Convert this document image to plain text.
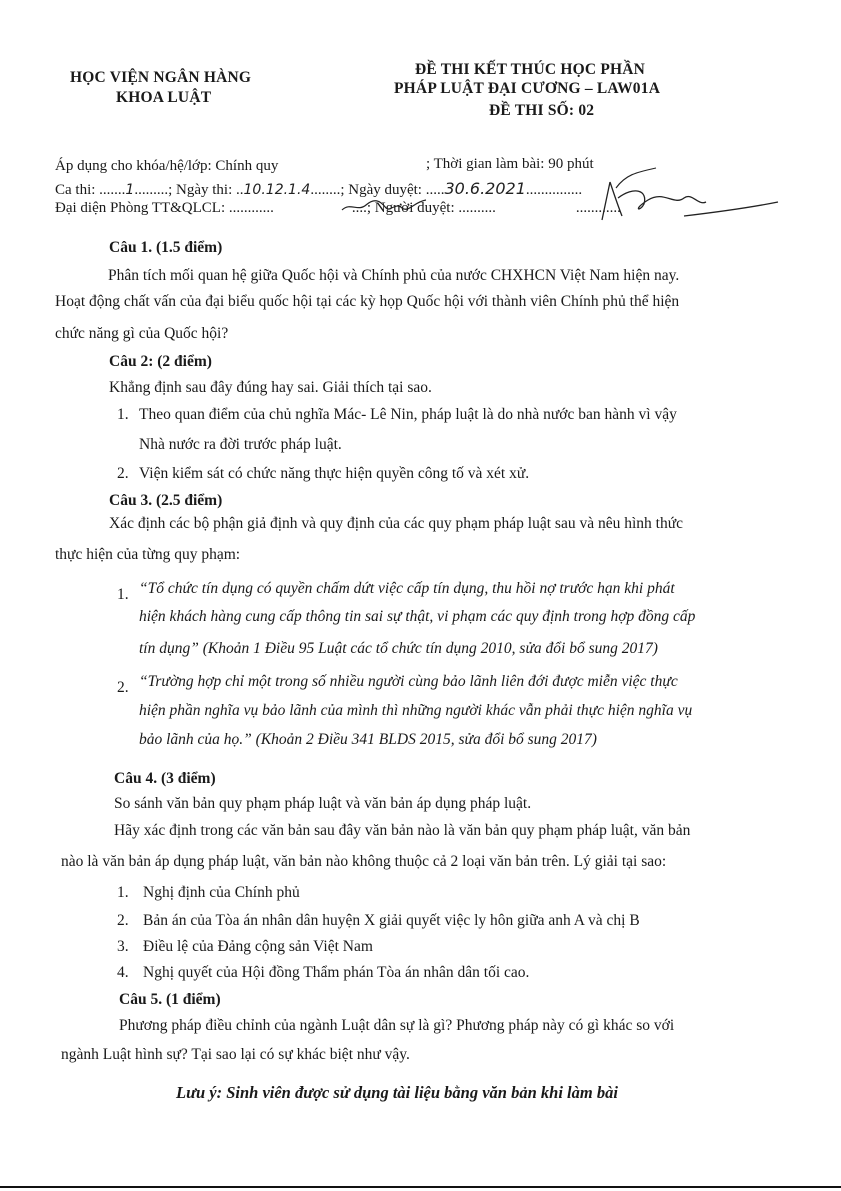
HỌC VIỆN NGÂN HÀNG
KHOA LUẬT
ĐỀ THI KẾT THÚC HỌC PHẦN
PHÁP LUẬT ĐẠI CƯƠNG – LAW01A
ĐỀ THI SỐ: 02
Áp dụng cho khóa/hệ/lớp: Chính quy	; Thời gian làm bài: 90 phút
Ca thi: .......1.........; Ngày thi: ..10.12.1.4........; Ngày duyệt: .....30.6.2021...............
Đại diện Phòng TT&QLCL: ............	....; Người duyệt: ..........	............
Câu 1. (1.5 điểm)
Phân tích mối quan hệ giữa Quốc hội và Chính phủ của nước CHXHCN Việt Nam hiện nay.
Hoạt động chất vấn của đại biểu quốc hội tại các kỳ họp Quốc hội với thành viên Chính phủ thể hiện
chức năng gì của Quốc hội?
Câu 2: (2 điểm)
Khẳng định sau đây đúng hay sai. Giải thích tại sao.
1. Theo quan điểm của chủ nghĩa Mác- Lê Nin, pháp luật là do nhà nước ban hành vì vậy
Nhà nước ra đời trước pháp luật.
2. Viện kiểm sát có chức năng thực hiện quyền công tố và xét xử.
Câu 3. (2.5 điểm)
Xác định các bộ phận giả định và quy định của các quy phạm pháp luật sau và nêu hình thức
thực hiện của từng quy phạm:
1. “Tổ chức tín dụng có quyền chấm dứt việc cấp tín dụng, thu hồi nợ trước hạn khi phát
hiện khách hàng cung cấp thông tin sai sự thật, vi phạm các quy định trong hợp đồng cấp
tín dụng” (Khoản 1 Điều 95 Luật các tổ chức tín dụng 2010, sửa đổi bổ sung 2017)
2. “Trường hợp chỉ một trong số nhiều người cùng bảo lãnh liên đới được miễn việc thực
hiện phần nghĩa vụ bảo lãnh của mình thì những người khác vẫn phải thực hiện nghĩa vụ
bảo lãnh của họ.” (Khoản 2 Điều 341 BLDS 2015, sửa đổi bổ sung 2017)
Câu 4. (3 điểm)
So sánh văn bản quy phạm pháp luật và văn bản áp dụng pháp luật.
Hãy xác định trong các văn bản sau đây văn bản nào là văn bản quy phạm pháp luật, văn bản
nào là văn bản áp dụng pháp luật, văn bản nào không thuộc cả 2 loại văn bản trên. Lý giải tại sao:
1. Nghị định của Chính phủ
2. Bản án của Tòa án nhân dân huyện X giải quyết việc ly hôn giữa anh A và chị B
3. Điều lệ của Đảng cộng sản Việt Nam
4. Nghị quyết của Hội đồng Thẩm phán Tòa án nhân dân tối cao.
Câu 5. (1 điểm)
Phương pháp điều chỉnh của ngành Luật dân sự là gì? Phương pháp này có gì khác so với
ngành Luật hình sự? Tại sao lại có sự khác biệt như vậy.
Lưu ý: Sinh viên được sử dụng tài liệu bằng văn bản khi làm bài
